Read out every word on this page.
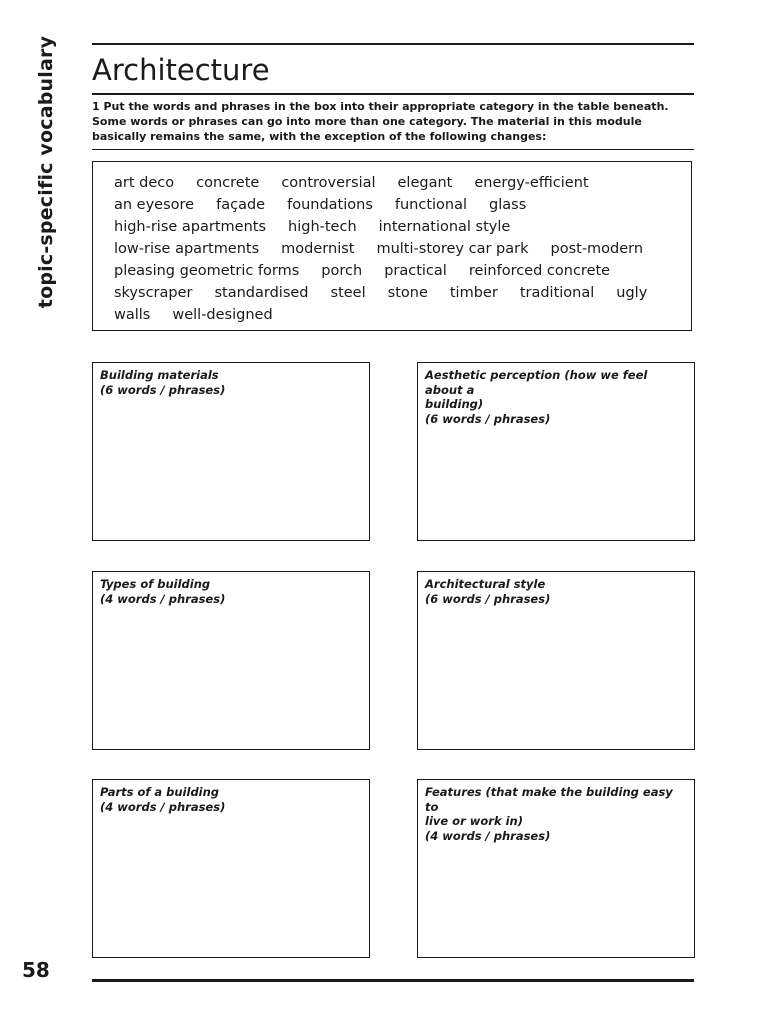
topic-specific vocabulary Architecture

1 Put the words and phrases in the box into their appropriate category in the table beneath. Some words or phrases can go into more than one category. The material in this module basically remains the same, with the exception of the following changes:

art deco concrete controversial elegant energy-efficient
an eyesore façade foundations functional glass
high-rise apartments high-tech international style
low-rise apartments modernist multi-storey car park post-modern
pleasing geometric forms porch practical reinforced concrete
skyscraper standardised steel stone timber traditional ugly
walls well-designed

Building materials

(6 words / phrases)

Aesthetic perception (how we feel about a

building)

(6 words / phrases)

Types of building

(4 words / phrases)

Architectural style

(6 words / phrases)

Parts of a building

(4 words / phrases)

Features (that make the building easy to

live or work in)

(4 words / phrases)

58
